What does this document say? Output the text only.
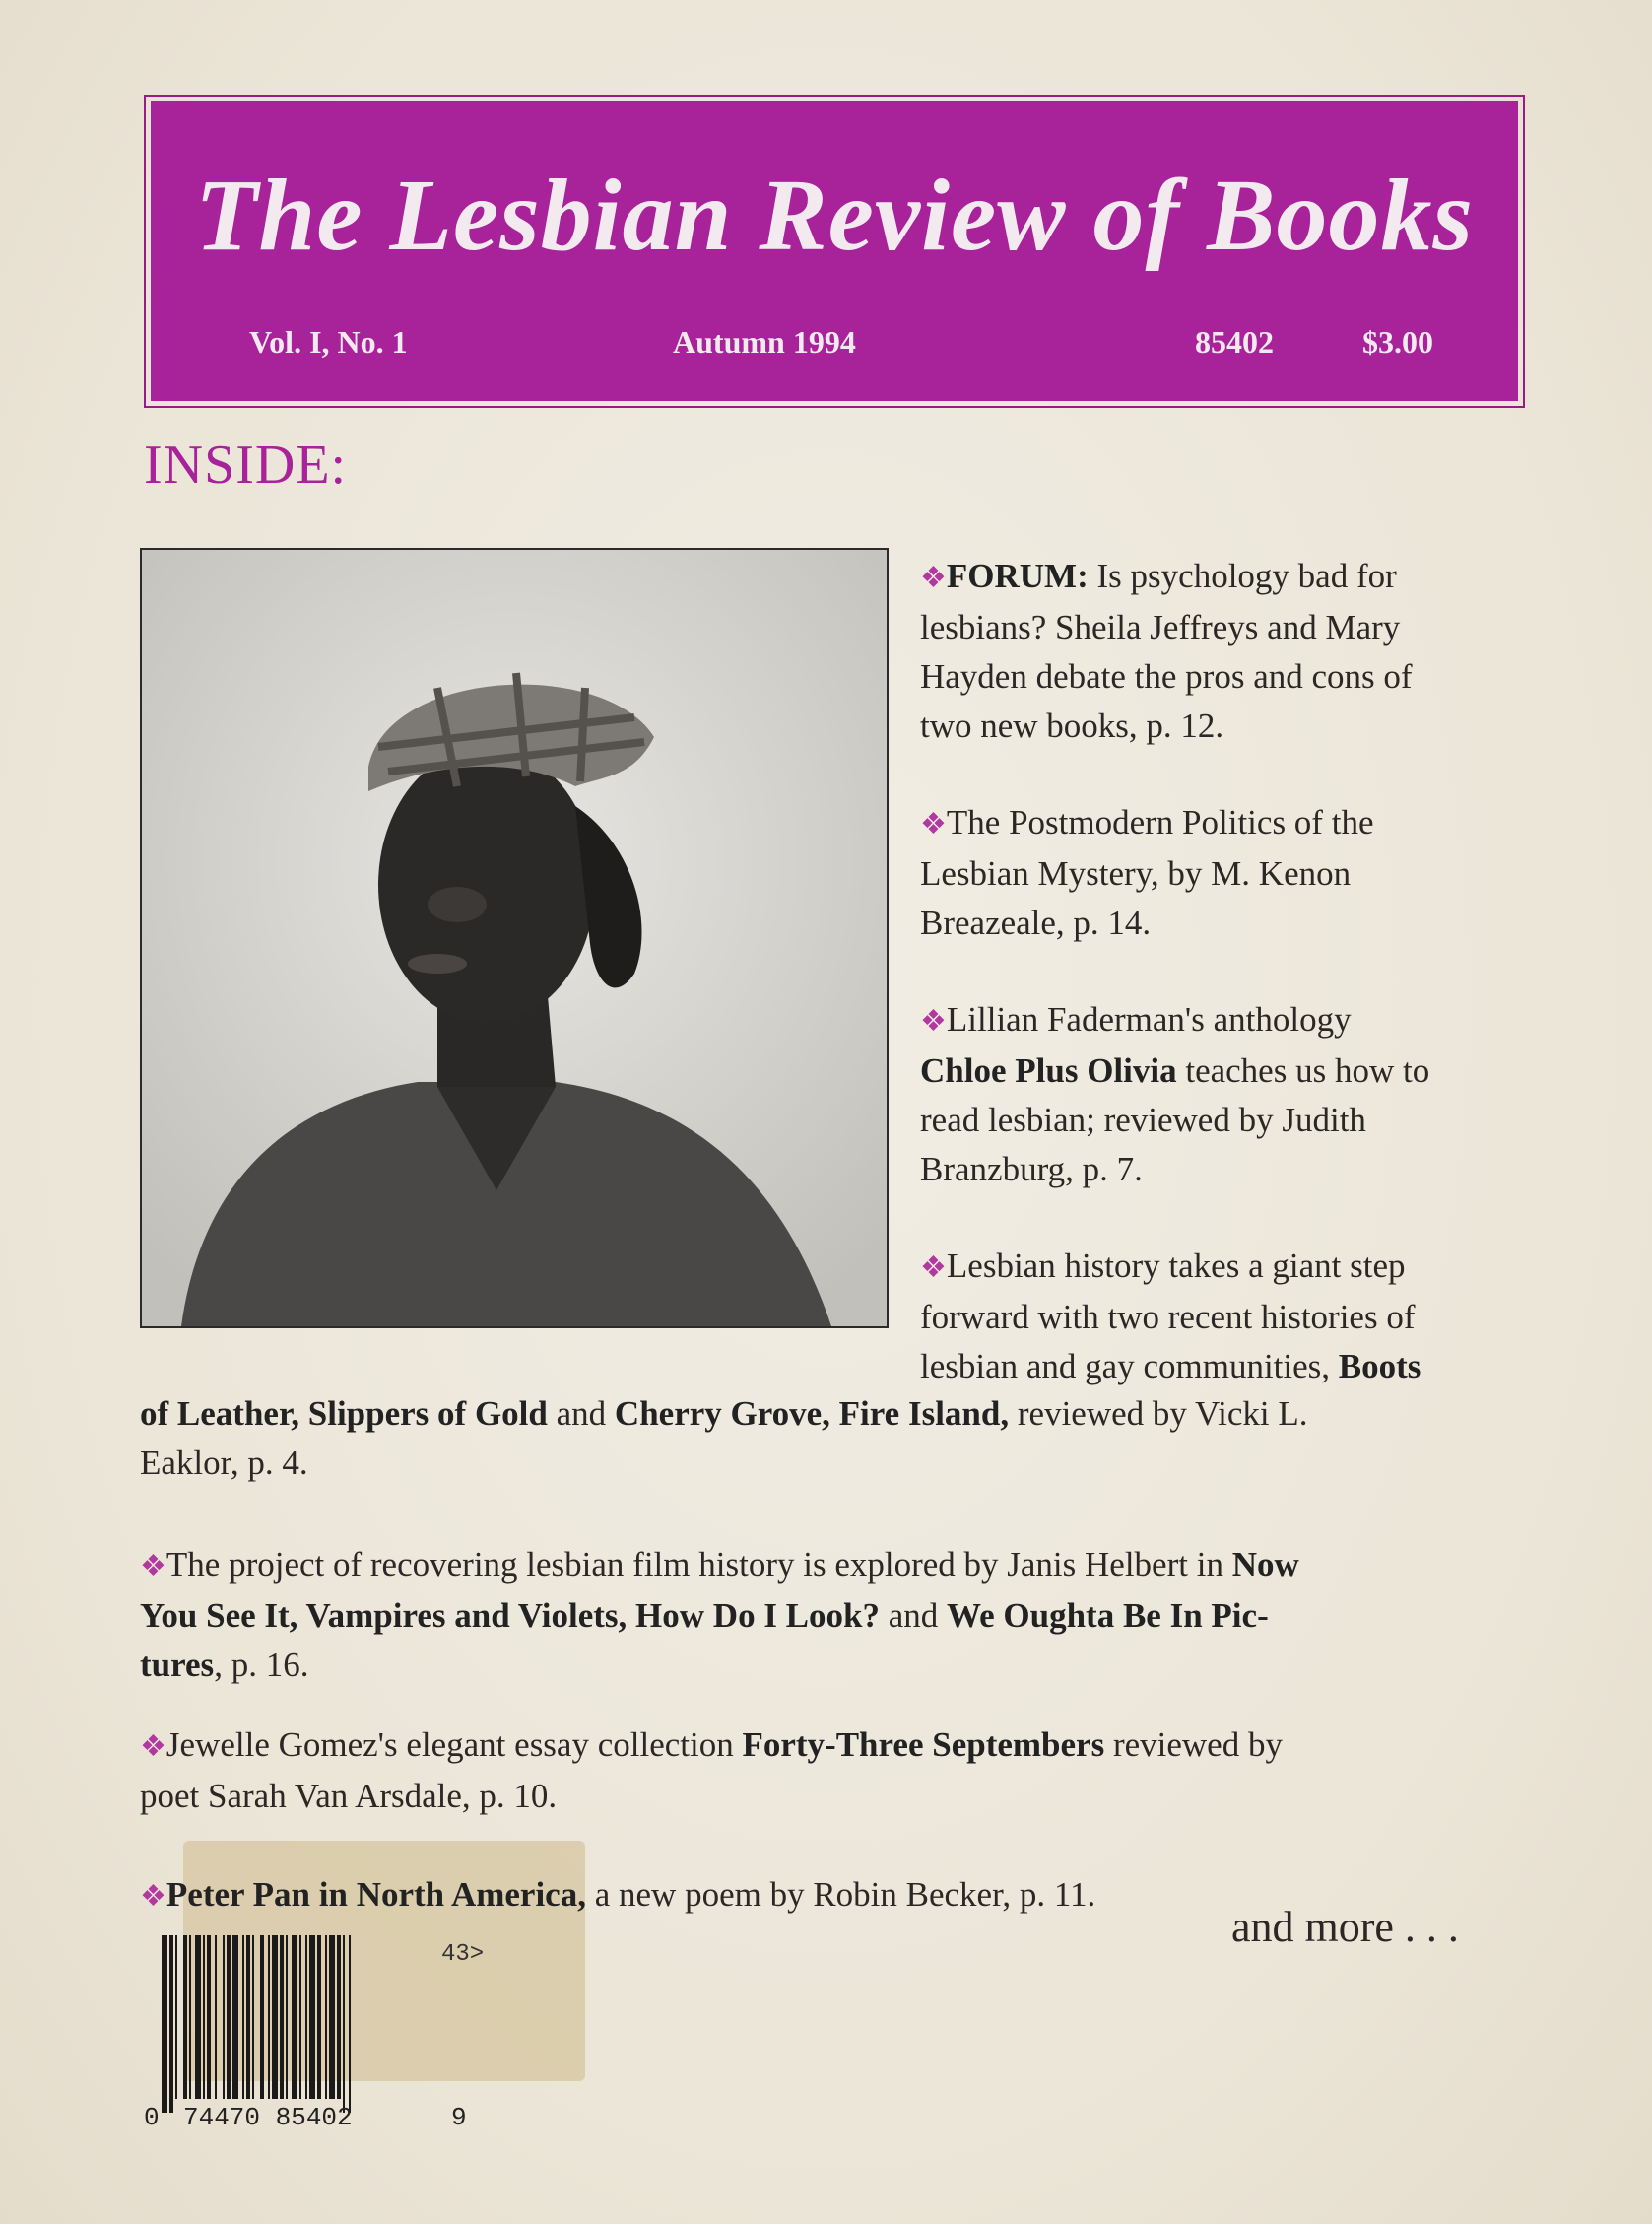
The Lesbian Review of Books
Vol. I, No. 1	Autumn 1994	85402	$3.00
INSIDE:
❖FORUM: Is psychology bad for
lesbians? Sheila Jeffreys and Mary
Hayden debate the pros and cons of
two new books, p. 12.
❖The Postmodern Politics of the
Lesbian Mystery, by M. Kenon
Breazeale, p. 14.
❖Lillian Faderman's anthology
Chloe Plus Olivia teaches us how to
read lesbian; reviewed by Judith
Branzburg, p. 7.
❖Lesbian history takes a giant step
forward with two recent histories of
lesbian and gay communities, Boots
of Leather, Slippers of Gold and Cherry Grove, Fire Island, reviewed by Vicki L.
Eaklor, p. 4.
❖The project of recovering lesbian film history is explored by Janis Helbert in Now
You See It, Vampires and Violets, How Do I Look? and We Oughta Be In Pic-
tures, p. 16.
❖Jewelle Gomez's elegant essay collection Forty-Three Septembers reviewed by
poet Sarah Van Arsdale, p. 10.
❖Peter Pan in North America, a new poem by Robin Becker, p. 11.
and more . . .
43>
0 74470 85402	9
